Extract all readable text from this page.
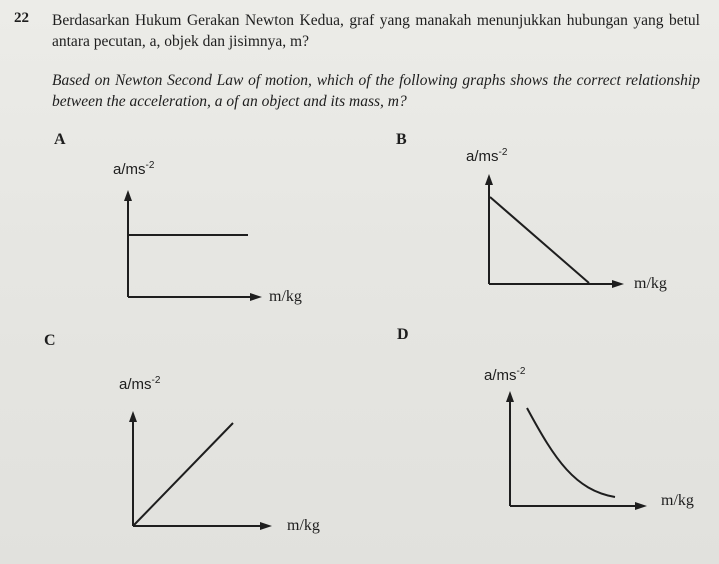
22 Berdasarkan Hukum Gerakan Newton Kedua, graf yang manakah menunjukkan hubungan yang betul antara pecutan, a, objek dan jisimnya, m?
Based on Newton Second Law of motion, which of the following graphs shows the correct relationship between the acceleration, a of an object and its mass, m?
A
$a/ms^{-2}$
m/kg
B
$a/ms^{-2}$
m/kg
C
$a/ms^{-2}$
m/kg
D
$a/ms^{-2}$
m/kg
